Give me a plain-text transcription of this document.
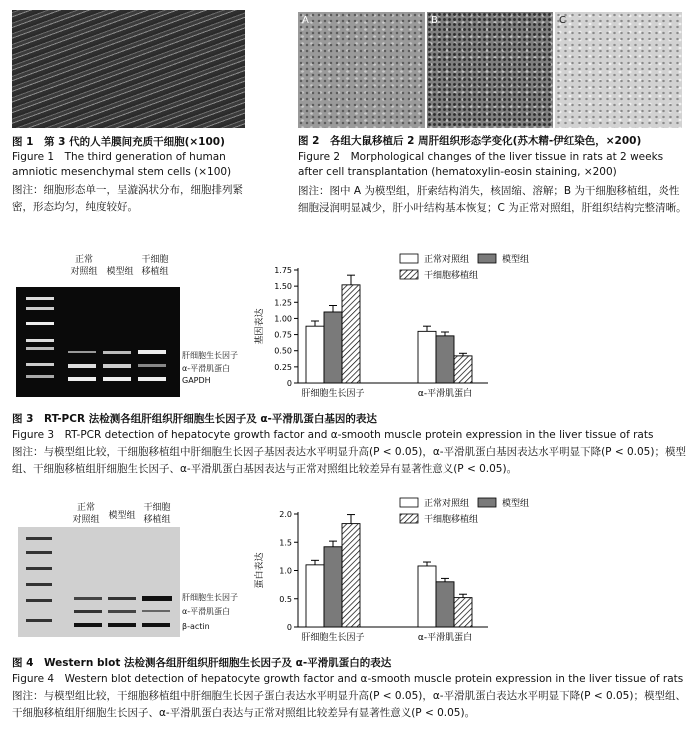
图 1　第 3 代的人羊膜间充质干细胞(×100)
Figure 1　The third generation of human amniotic mesenchymal stem cells (×100)
图注：细胞形态单一，呈漩涡状分布，细胞排列紧密，形态均匀，纯度较好。
A	B	C
图 2　各组大鼠移植后 2 周肝组织形态学变化(苏木精-伊红染色，×200)
Figure 2　Morphological changes of the liver tissue in rats at 2 weeks after cell transplantation (hematoxylin-eosin staining, ×200)
图注：图中 A 为模型组，肝索结构消失，核固缩、溶解；B 为干细胞移植组，炎性细胞浸润明显减少，肝小叶结构基本恢复；C 为正常对照组，肝组织结构完整清晰。
正常
对照组 模型组
干细胞
移植组
肝细胞生长因子
α-平滑肌蛋白
GAPDH
正常对照组	模型组
干细胞移植组
0
0.25
0.50
0.75
1.00
1.25
1.50
1.75
基因表达
肝细胞生长因子	α-平滑肌蛋白
图 3　RT-PCR 法检测各组肝组织肝细胞生长因子及 α-平滑肌蛋白基因的表达
Figure 3　RT-PCR detection of hepatocyte growth factor and α-smooth muscle protein expression in the liver tissue of rats
图注：与模型组比较，干细胞移植组中肝细胞生长因子基因表达水平明显升高(P < 0.05)，α-平滑肌蛋白基因表达水平明显下降(P < 0.05)；模型组、干细胞移植组肝细胞生长因子、α-平滑肌蛋白基因表达与正常对照组比较差异有显著性意义(P < 0.05)。
正常
对照组 模型组
干细胞
移植组
肝细胞生长因子
α-平滑肌蛋白
β-actin
正常对照组	模型组
干细胞移植组
0
0.5
1.0
1.5
2.0
蛋白表达
肝细胞生长因子	α-平滑肌蛋白
图 4　Western blot 法检测各组肝组织肝细胞生长因子及 α-平滑肌蛋白的表达
Figure 4　Western blot detection of hepatocyte growth factor and α-smooth muscle protein expression in the liver tissue of rats
图注：与模型组比较，干细胞移植组中肝细胞生长因子蛋白表达水平明显升高(P < 0.05)，α-平滑肌蛋白表达水平明显下降(P < 0.05)；模型组、干细胞移植组肝细胞生长因子、α-平滑肌蛋白表达与正常对照组比较差异有显著性意义(P < 0.05)。
